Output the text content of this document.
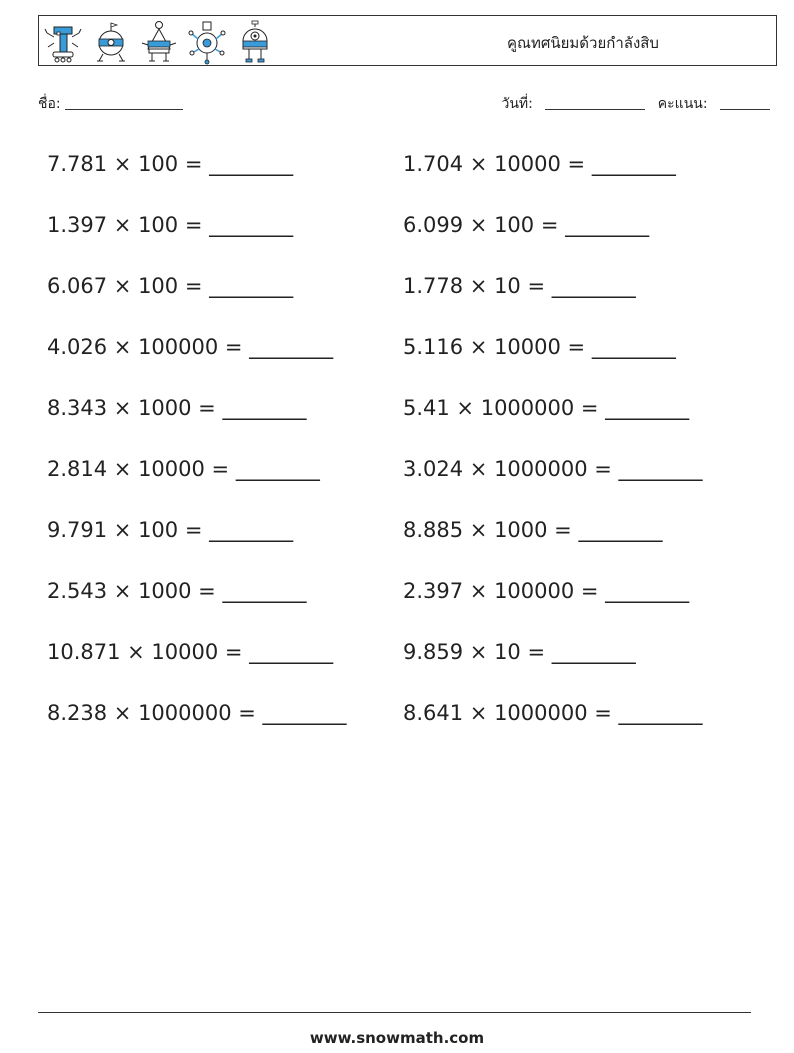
คูณทศนิยมด้วยกำลังสิบ
ชื่อ:	วันที่:	คะแนน:
7.781 × 100 = ________	1.704 × 10000 = ________
1.397 × 100 = ________	6.099 × 100 = ________
6.067 × 100 = ________	1.778 × 10 = ________
4.026 × 100000 = ________	5.116 × 10000 = ________
8.343 × 1000 = ________	5.41 × 1000000 = ________
2.814 × 10000 = ________	3.024 × 1000000 = ________
9.791 × 100 = ________	8.885 × 1000 = ________
2.543 × 1000 = ________	2.397 × 100000 = ________
10.871 × 10000 = ________	9.859 × 10 = ________
8.238 × 1000000 = ________	8.641 × 1000000 = ________
www.snowmath.com
